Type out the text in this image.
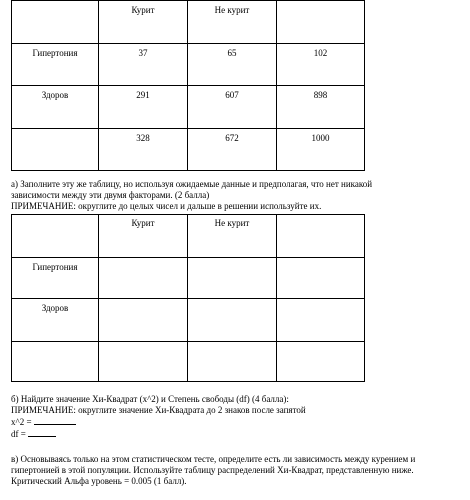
	Курит	Не курит	

Гипертония	37	65	102

Здоров	291	607	898

	328	672	1000
а) Заполните эту же таблицу, но используя ожидаемые данные и предполагая, что нет никакой
зависимости между эти двумя факторами. (2 балла)
ПРИМЕЧАНИЕ: округлите до целых чисел и дальше в решении используйте их.

	Курит	Не курит	

Гипертония			

Здоров			

б) Найдите значение Хи-Квадрат (x^2) и Степень свободы (df) (4 балла):
ПРИМЕЧАНИЕ: округлите значение Хи-Квадрата до 2 знаков после запятой
x^2 =
df =
в) Основываясь только на этом статистическом тесте, определите есть ли зависимость между курением и
гипертонией в этой популяции. Используйте таблицу распределений Хи-Квадрат, представленную ниже.
Критический Альфа уровень = 0.005 (1 балл).
